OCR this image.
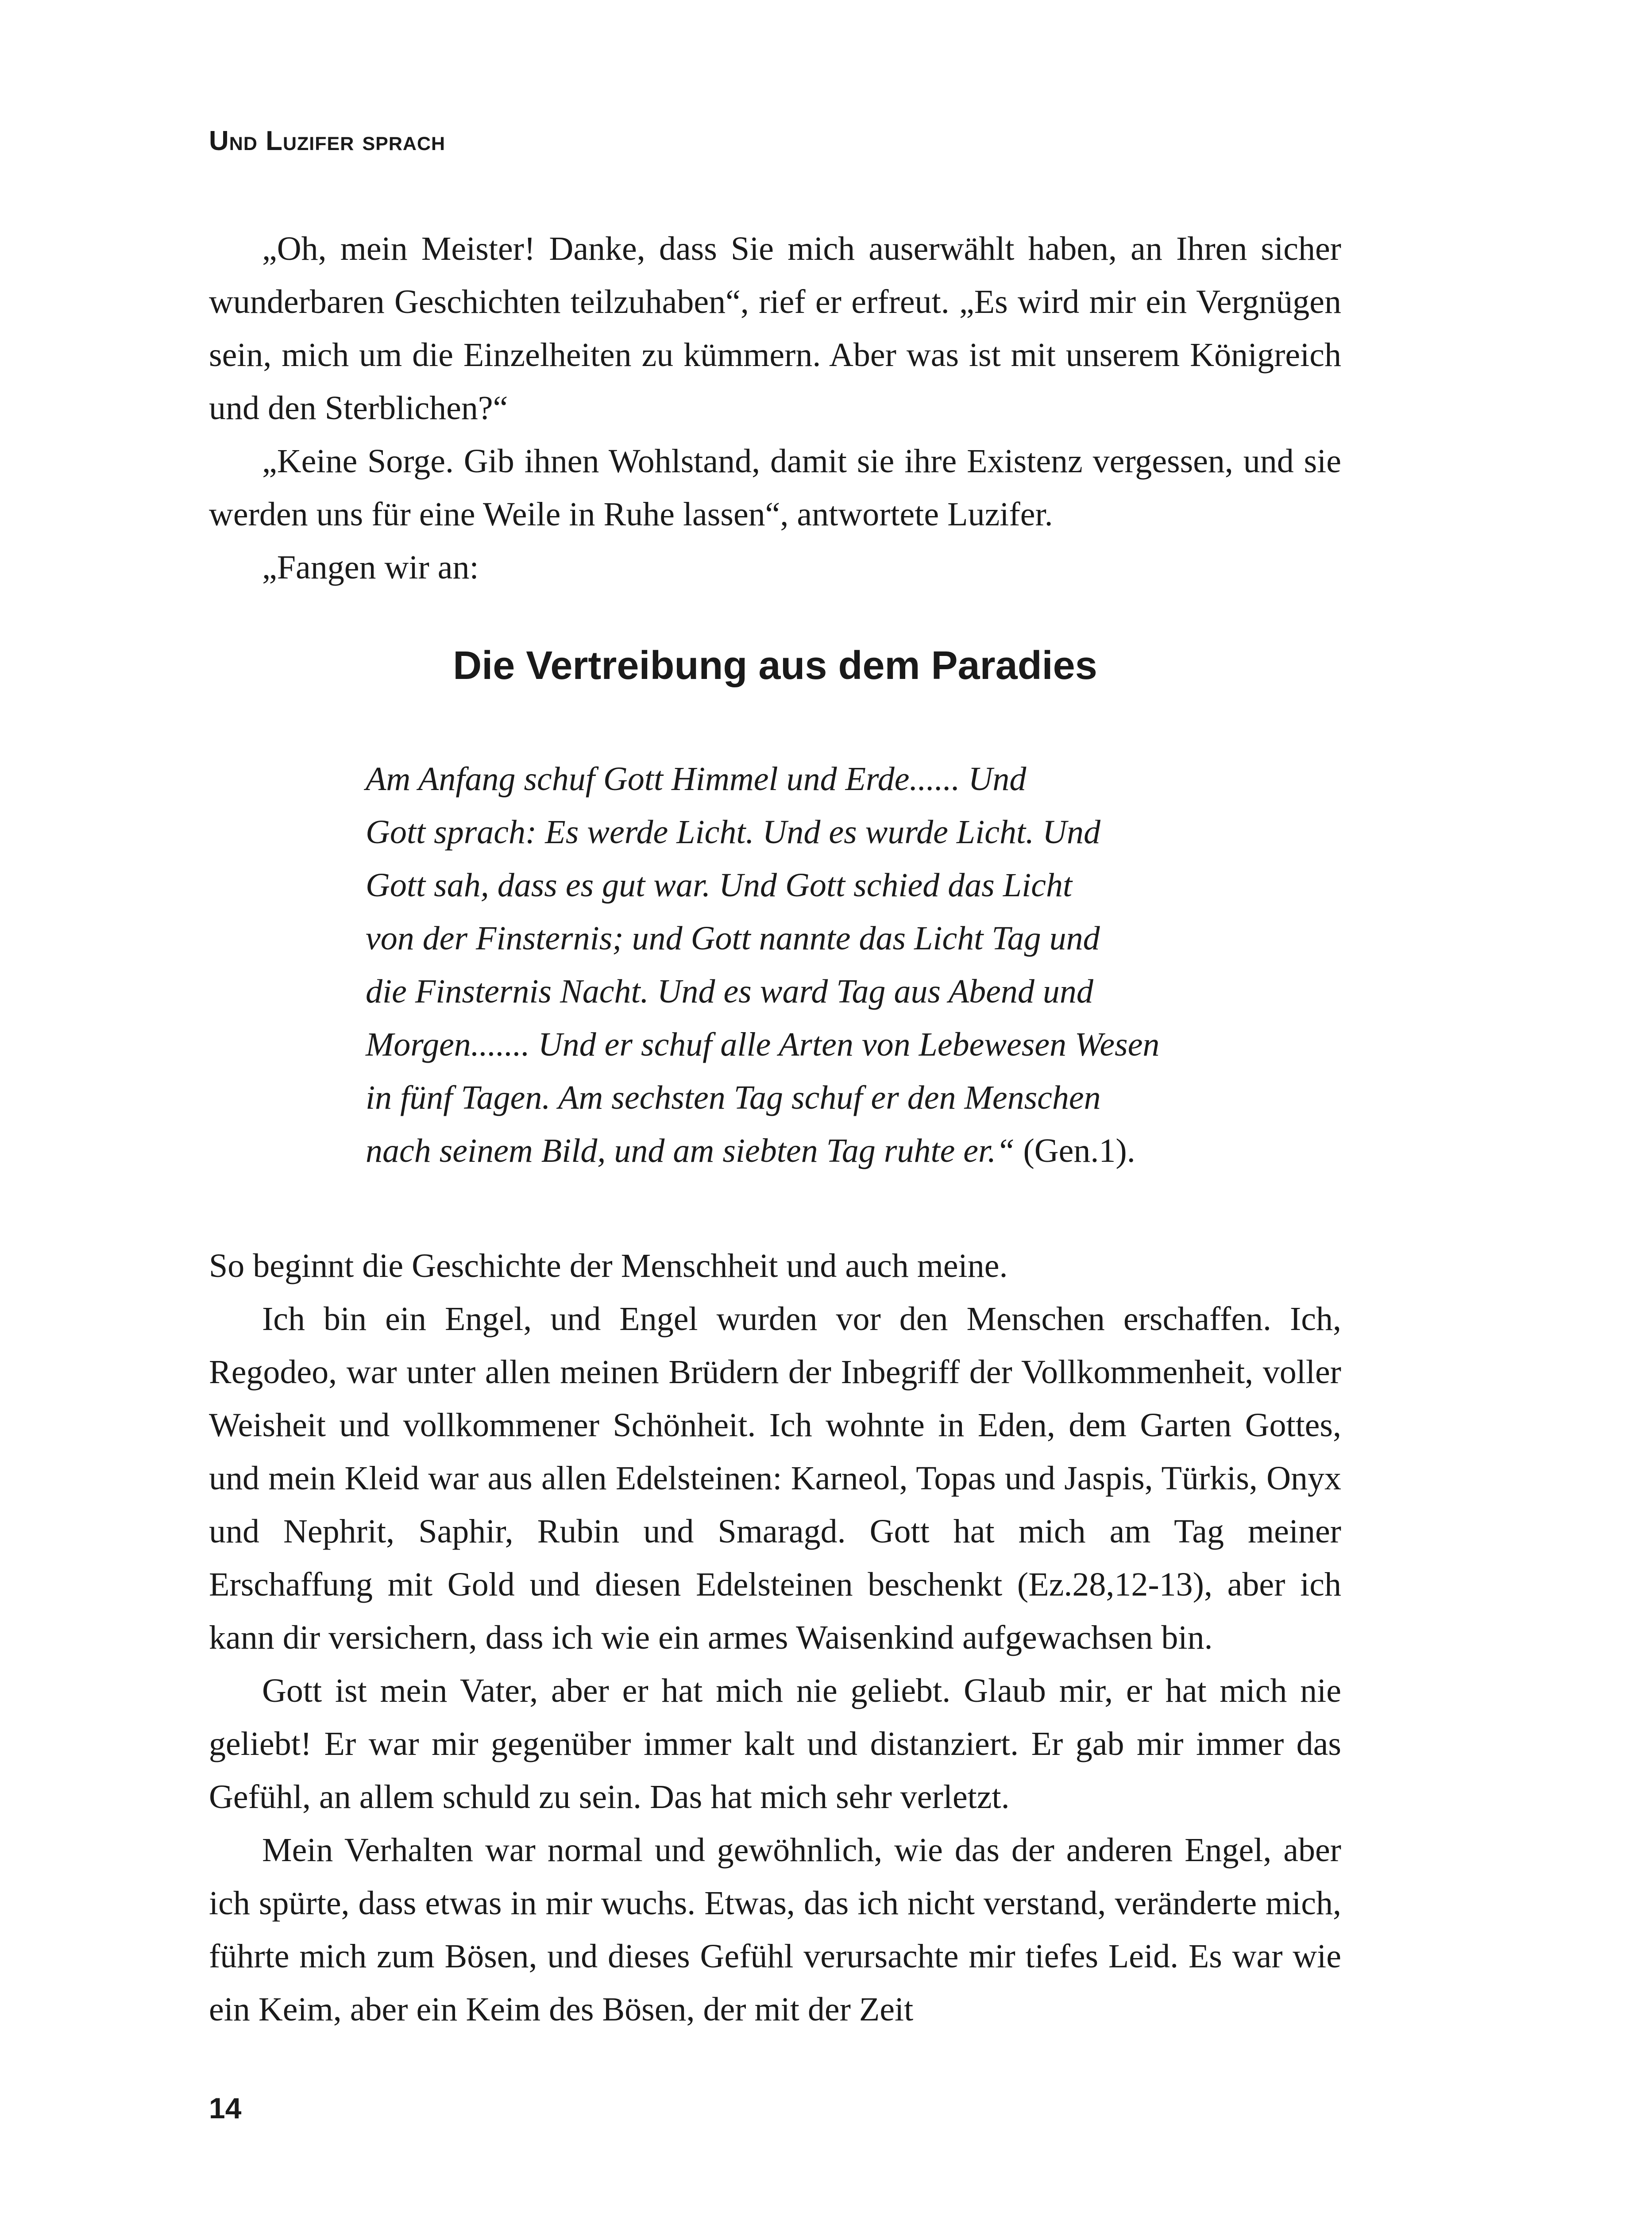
Und Luzifer sprach

„Oh, mein Meister! Danke, dass Sie mich auserwählt haben, an Ihren sicher wunderbaren Geschichten teilzuhaben“, rief er erfreut. „Es wird mir ein Vergnügen sein, mich um die Einzelheiten zu kümmern. Aber was ist mit unserem Königreich und den Sterblichen?“

„Keine Sorge. Gib ihnen Wohlstand, damit sie ihre Existenz vergessen, und sie werden uns für eine Weile in Ruhe lassen“, antwortete Luzifer.

„Fangen wir an:

Die Vertreibung aus dem Paradies
Am Anfang schuf Gott Himmel und Erde...... Und
Gott sprach: Es werde Licht. Und es wurde Licht. Und
Gott sah, dass es gut war. Und Gott schied das Licht
von der Finsternis; und Gott nannte das Licht Tag und
die Finsternis Nacht. Und es ward Tag aus Abend und
Morgen....... Und er schuf alle Arten von Lebewesen Wesen
in fünf Tagen. Am sechsten Tag schuf er den Menschen
nach seinem Bild, und am siebten Tag ruhte er.“ (Gen.1).

So beginnt die Geschichte der Menschheit und auch meine.

Ich bin ein Engel, und Engel wurden vor den Menschen erschaffen. Ich, Regodeo, war unter allen meinen Brüdern der Inbegriff der Vollkommenheit, voller Weisheit und vollkommener Schönheit. Ich wohnte in Eden, dem Garten Gottes, und mein Kleid war aus allen Edelsteinen: Karneol, Topas und Jaspis, Türkis, Onyx und Nephrit, Saphir, Rubin und Smaragd. Gott hat mich am Tag meiner Erschaffung mit Gold und diesen Edelsteinen beschenkt (Ez.28,12-13), aber ich kann dir versichern, dass ich wie ein armes Waisenkind aufgewachsen bin.

Gott ist mein Vater, aber er hat mich nie geliebt. Glaub mir, er hat mich nie geliebt! Er war mir gegenüber immer kalt und distanziert. Er gab mir immer das Gefühl, an allem schuld zu sein. Das hat mich sehr verletzt.

Mein Verhalten war normal und gewöhnlich, wie das der anderen Engel, aber ich spürte, dass etwas in mir wuchs. Etwas, das ich nicht verstand, veränderte mich, führte mich zum Bösen, und dieses Gefühl verursachte mir tiefes Leid. Es war wie ein Keim, aber ein Keim des Bösen, der mit der Zeit

14
